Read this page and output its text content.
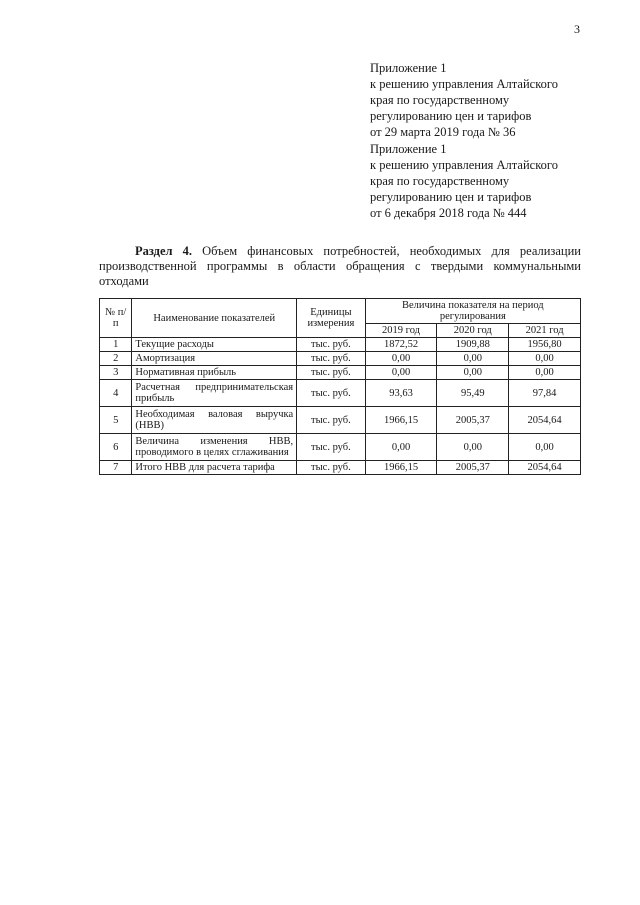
3
Приложение 1
к решению управления Алтайского
края по государственному
регулированию цен и тарифов
от 29 марта 2019 года № 36
Приложение 1
к решению управления Алтайского
края по государственному
регулированию цен и тарифов
от 6 декабря 2018 года № 444
Раздел 4. Объем финансовых потребностей, необходимых для реализации производственной программы в области обращения с твердыми коммунальными отходами
№ п/п	Наименование показателей	Единицы измерения	Величина показателя на период регулирования		
			2019 год	2020 год	2021 год
1	Текущие расходы	тыс. руб.	1872,52	1909,88	1956,80
2	Амортизация	тыс. руб.	0,00	0,00	0,00
3	Нормативная прибыль	тыс. руб.	0,00	0,00	0,00
4	Расчетная предпринимательская прибыль	тыс. руб.	93,63	95,49	97,84
5	Необходимая валовая выручка (НВВ)	тыс. руб.	1966,15	2005,37	2054,64
6	Величина изменения НВВ, проводимого в целях сглаживания	тыс. руб.	0,00	0,00	0,00
7	Итого НВВ для расчета тарифа	тыс. руб.	1966,15	2005,37	2054,64
